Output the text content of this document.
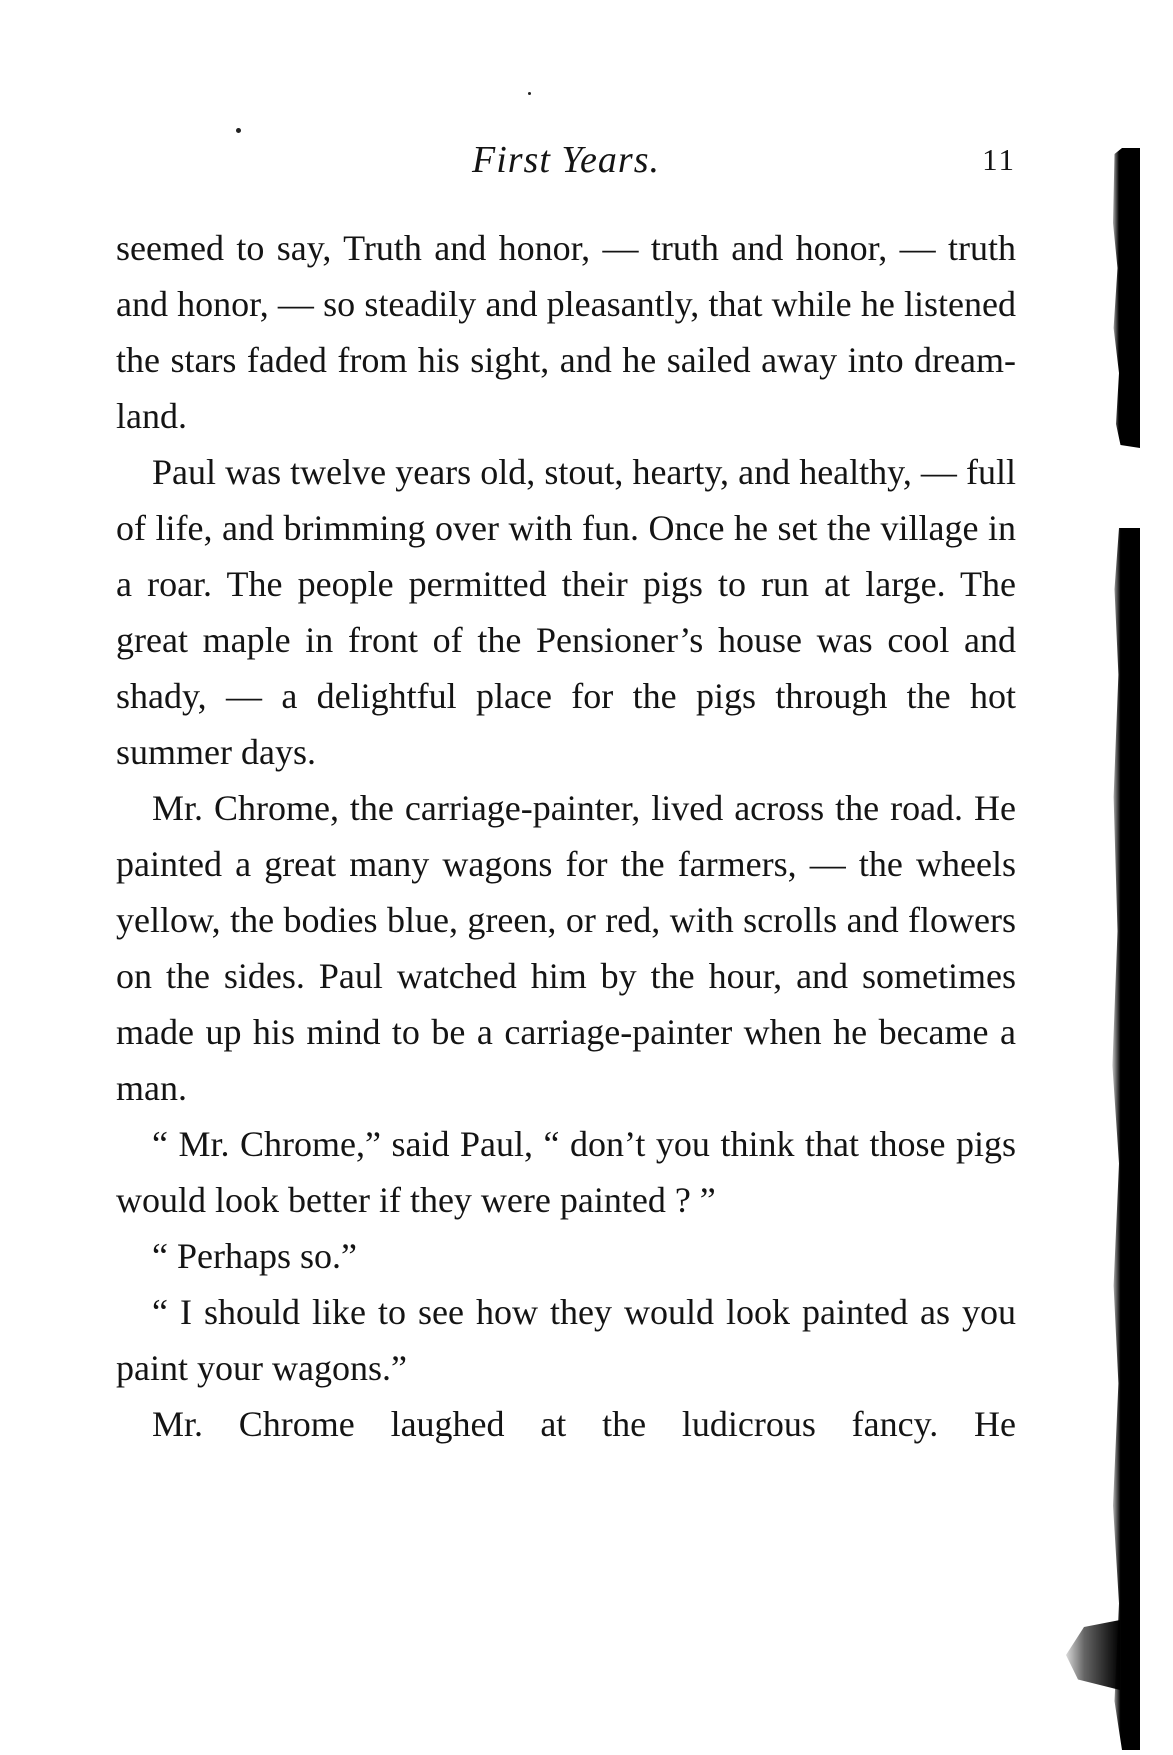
First Years.	11

seemed to say, Truth and honor, — truth and honor, — truth and honor, — so steadily and pleasantly, that while he listened the stars faded from his sight, and he sailed away into dream-land.

Paul was twelve years old, stout, hearty, and healthy, — full of life, and brimming over with fun. Once he set the village in a roar. The people permitted their pigs to run at large. The great maple in front of the Pensioner’s house was cool and shady, — a delightful place for the pigs through the hot summer days.

Mr. Chrome, the carriage-painter, lived across the road. He painted a great many wagons for the farmers, — the wheels yellow, the bodies blue, green, or red, with scrolls and flowers on the sides. Paul watched him by the hour, and sometimes made up his mind to be a carriage-painter when he became a man.

“ Mr. Chrome,” said Paul, “ don’t you think that those pigs would look better if they were painted ? ”

“ Perhaps so.”

“ I should like to see how they would look painted as you paint your wagons.”

Mr. Chrome laughed at the ludicrous fancy. He
